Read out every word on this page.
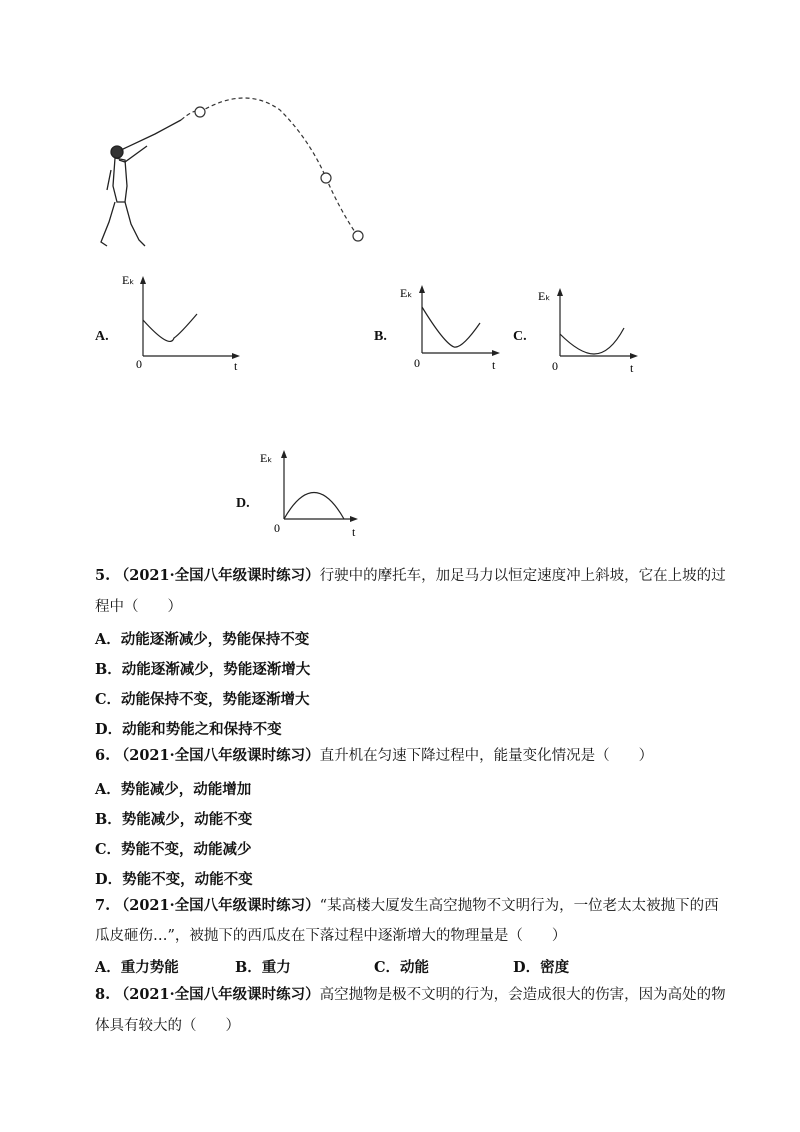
A.
Eₖ
0	t
B.
Eₖ
0	t
C.
Eₖ
0	t
D.
Eₖ
0	t
5. （2021·全国八年级课时练习）行驶中的摩托车，加足马力以恒定速度冲上斜坡，它在上坡的过
程中（　　）
A．动能逐渐减少，势能保持不变
B．动能逐渐减少，势能逐渐增大
C．动能保持不变，势能逐渐增大
D．动能和势能之和保持不变
6. （2021·全国八年级课时练习）直升机在匀速下降过程中，能量变化情况是（　　）
A．势能减少，动能增加
B．势能减少，动能不变
C．势能不变，动能减少
D．势能不变，动能不变
7. （2021·全国八年级课时练习）“某高楼大厦发生高空抛物不文明行为，一位老太太被抛下的西
瓜皮砸伤…”，被抛下的西瓜皮在下落过程中逐渐增大的物理量是（　　）
A．重力势能	B．重力	C．动能	D．密度
8. （2021·全国八年级课时练习）高空抛物是极不文明的行为，会造成很大的伤害，因为高处的物
体具有较大的（　　）
